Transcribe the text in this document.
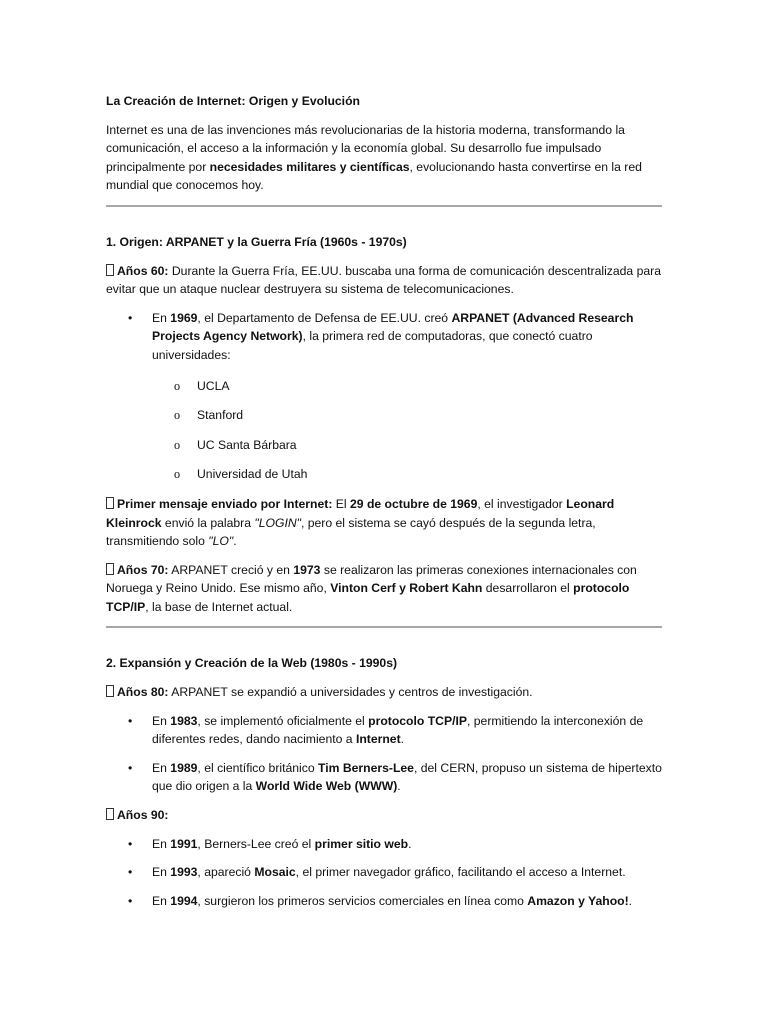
La Creación de Internet: Origen y Evolución

Internet es una de las invenciones más revolucionarias de la historia moderna, transformando la comunicación, el acceso a la información y la economía global. Su desarrollo fue impulsado principalmente por necesidades militares y científicas, evolucionando hasta convertirse en la red mundial que conocemos hoy.

1. Origen: ARPANET y la Guerra Fría (1960s - 1970s)

Años 60: Durante la Guerra Fría, EE.UU. buscaba una forma de comunicación descentralizada para evitar que un ataque nuclear destruyera su sistema de telecomunicaciones.

• En 1969, el Departamento de Defensa de EE.UU. creó ARPANET (Advanced Research Projects Agency Network), la primera red de computadoras, que conectó cuatro universidades:
o UCLA
o Stanford
o UC Santa Bárbara
o Universidad de Utah

Primer mensaje enviado por Internet: El 29 de octubre de 1969, el investigador Leonard Kleinrock envió la palabra "LOGIN", pero el sistema se cayó después de la segunda letra, transmitiendo solo "LO".

Años 70: ARPANET creció y en 1973 se realizaron las primeras conexiones internacionales con Noruega y Reino Unido. Ese mismo año, Vinton Cerf y Robert Kahn desarrollaron el protocolo TCP/IP, la base de Internet actual.

2. Expansión y Creación de la Web (1980s - 1990s)

Años 80: ARPANET se expandió a universidades y centros de investigación.

• En 1983, se implementó oficialmente el protocolo TCP/IP, permitiendo la interconexión de diferentes redes, dando nacimiento a Internet.
• En 1989, el científico británico Tim Berners-Lee, del CERN, propuso un sistema de hipertexto que dio origen a la World Wide Web (WWW).

Años 90:

• En 1991, Berners-Lee creó el primer sitio web.
• En 1993, apareció Mosaic, el primer navegador gráfico, facilitando el acceso a Internet.
• En 1994, surgieron los primeros servicios comerciales en línea como Amazon y Yahoo!.
